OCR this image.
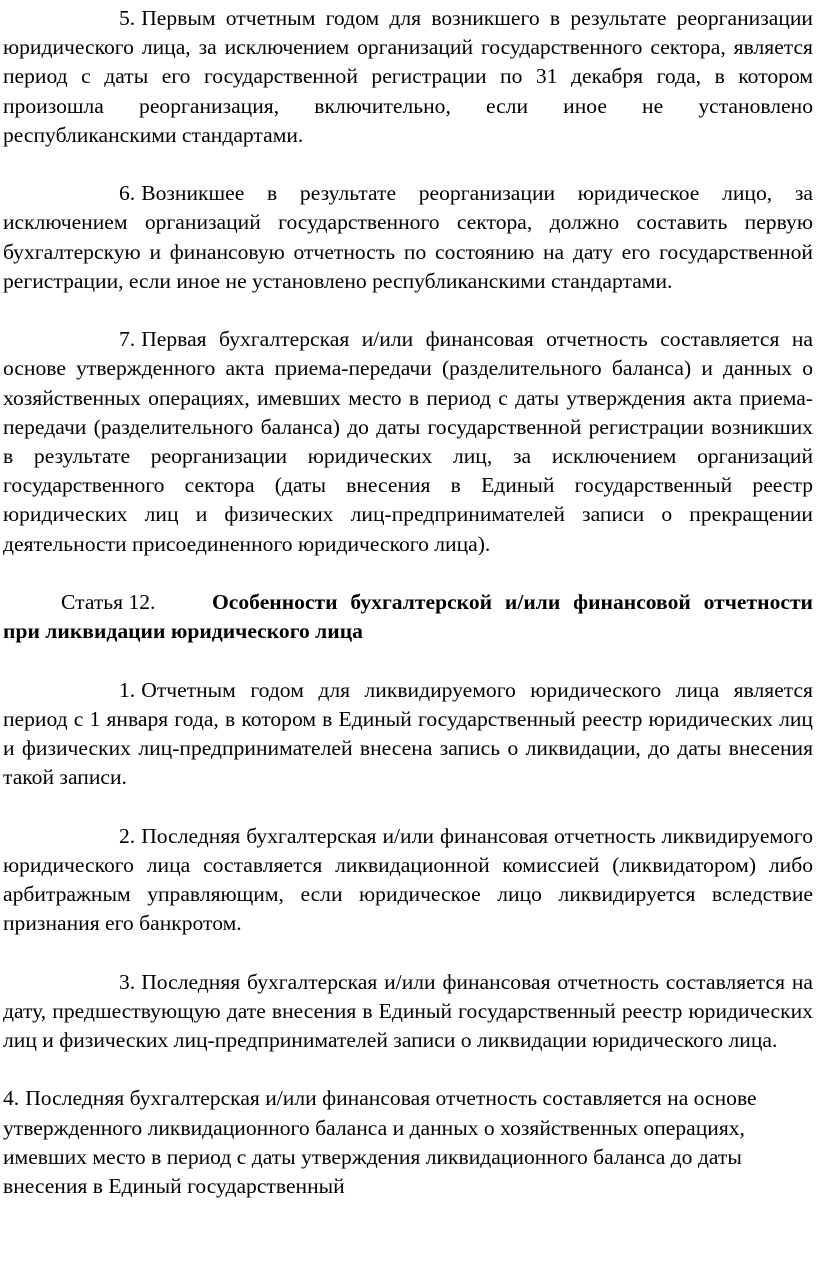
5. Первым отчетным годом для возникшего в результате реорганизации юридического лица, за исключением организаций государственного сектора, является период с даты его государственной регистрации по 31 декабря года, в котором произошла реорганизация, включительно, если иное не установлено республиканскими стандартами.

6. Возникшее в результате реорганизации юридическое лицо, за исключением организаций государственного сектора, должно составить первую бухгалтерскую и финансовую отчетность по состоянию на дату его государственной регистрации, если иное не установлено республиканскими стандартами.

7. Первая бухгалтерская и/или финансовая отчетность составляется на основе утвержденного акта приема-передачи (разделительного баланса) и данных о хозяйственных операциях, имевших место в период с даты утверждения акта приема-передачи (разделительного баланса) до даты государственной регистрации возникших в результате реорганизации юридических лиц, за исключением организаций государственного сектора (даты внесения в Единый государственный реестр юридических лиц и физических лиц-предпринимателей записи о прекращении деятельности присоединенного юридического лица).

Статья 12.	Особенности бухгалтерской и/или финансовой отчетности при ликвидации юридического лица

1. Отчетным годом для ликвидируемого юридического лица является период с 1 января года, в котором в Единый государственный реестр юридических лиц и физических лиц-предпринимателей внесена запись о ликвидации, до даты внесения такой записи.

2. Последняя бухгалтерская и/или финансовая отчетность ликвидируемого юридического лица составляется ликвидационной комиссией (ликвидатором) либо арбитражным управляющим, если юридическое лицо ликвидируется вследствие признания его банкротом.

3. Последняя бухгалтерская и/или финансовая отчетность составляется на дату, предшествующую дате внесения в Единый государственный реестр юридических лиц и физических лиц-предпринимателей записи о ликвидации юридического лица.

4. Последняя бухгалтерская и/или финансовая отчетность составляется на основе утвержденного ликвидационного баланса и данных о хозяйственных операциях, имевших место в период с даты утверждения ликвидационного баланса до даты внесения в Единый государственный
